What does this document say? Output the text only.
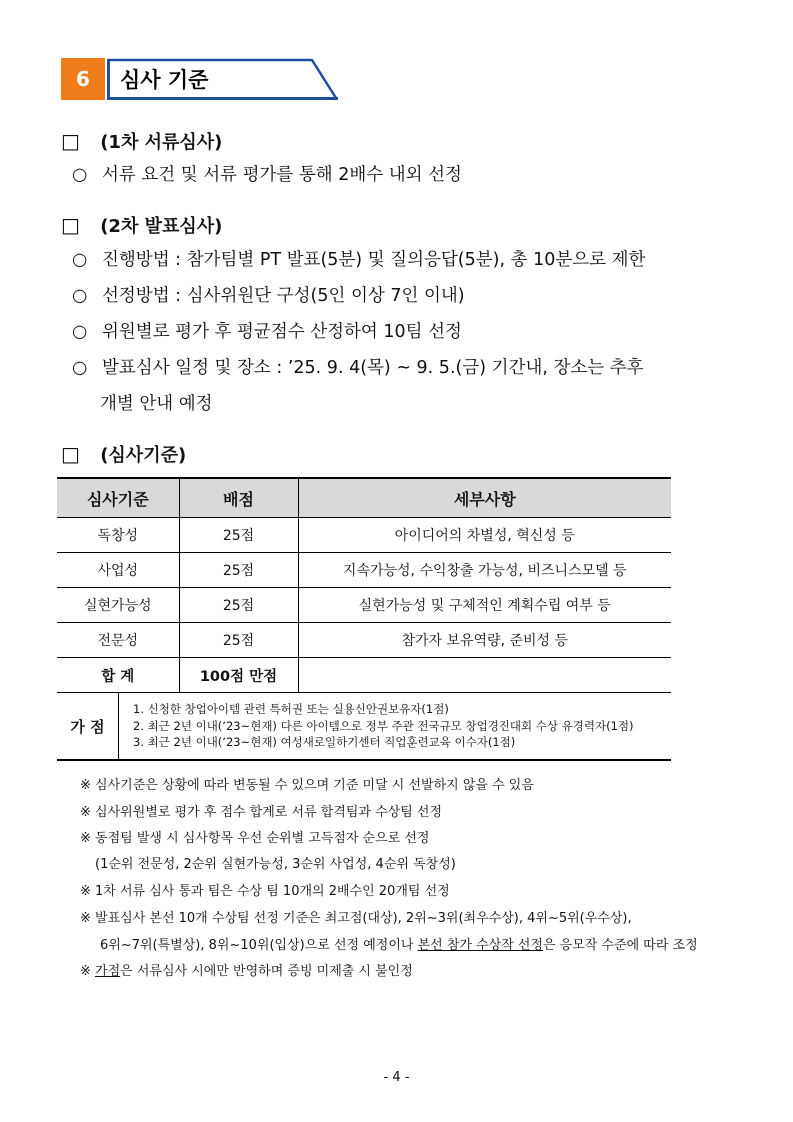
6	심사 기준
□ (1차 서류심사)
○ 서류 요건 및 서류 평가를 통해 2배수 내외 선정
□ (2차 발표심사)
○ 진행방법 : 참가팀별 PT 발표(5분) 및 질의응답(5분), 총 10분으로 제한
○ 선정방법 : 심사위원단 구성(5인 이상 7인 이내)
○ 위원별로 평가 후 평균점수 산정하여 10팀 선정
○ 발표심사 일정 및 장소 : ’25. 9. 4(목) ~ 9. 5.(금) 기간내, 장소는 추후
개별 안내 예정
□ (심사기준)
심사기준	배점	세부사항
독창성	25점	아이디어의 차별성, 혁신성 등
사업성	25점	지속가능성, 수익창출 가능성, 비즈니스모델 등
실현가능성	25점	실현가능성 및 구체적인 계획수립 여부 등
전문성	25점	참가자 보유역량, 준비성 등
합 계	100점 만점	
가 점
1. 신청한 창업아이템 관련 특허권 또는 실용신안권보유자(1점)
2. 최근 2년 이내(’23~현재) 다른 아이템으로 정부 주관 전국규모 창업경진대회 수상 유경력자(1점)
3. 최근 2년 이내(’23~현재) 여성새로일하기센터 직업훈련교육 이수자(1점)
※ 심사기준은 상황에 따라 변동될 수 있으며 기준 미달 시 선발하지 않을 수 있음
※ 심사위원별로 평가 후 점수 합계로 서류 합격팀과 수상팀 선정
※ 동점팀 발생 시 심사항목 우선 순위별 고득점자 순으로 선정
(1순위 전문성, 2순위 실현가능성, 3순위 사업성, 4순위 독창성)
※ 1차 서류 심사 통과 팀은 수상 팀 10개의 2배수인 20개팀 선정
※ 발표심사 본선 10개 수상팀 선정 기준은 최고점(대상), 2위~3위(최우수상), 4위~5위(우수상),
6위~7위(특별상), 8위~10위(입상)으로 선정 예정이나 본선 참가 수상작 선정은 응모작 수준에 따라 조정
※ 가점은 서류심사 시에만 반영하며 증빙 미제출 시 불인정
- 4 -
